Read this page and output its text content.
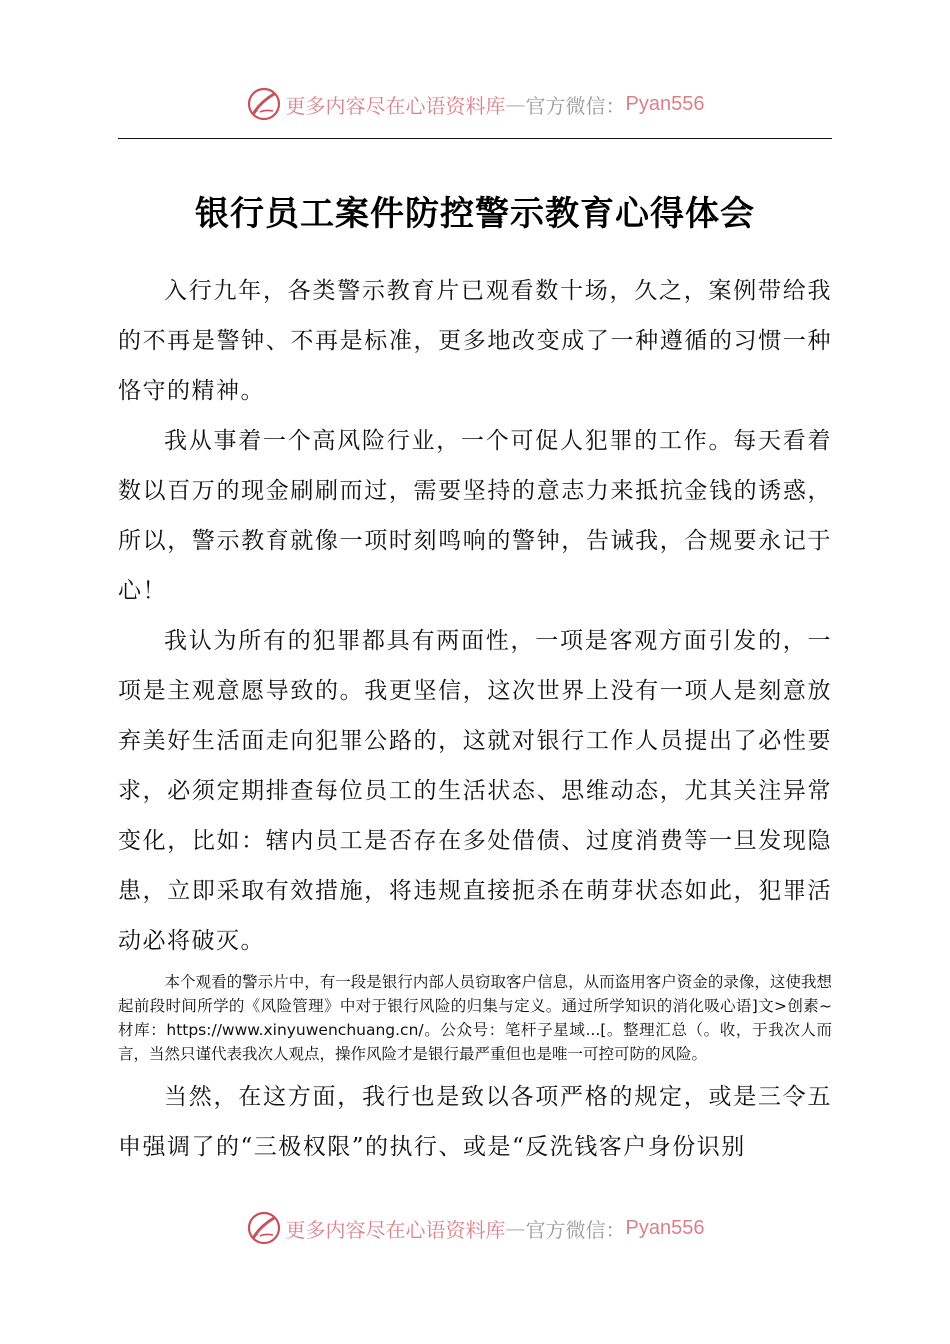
更多内容尽在心语资料库 — 官方微信： Pyan556
银行员工案件防控警示教育心得体会

入行九年，各类警示教育片已观看数十场，久之，案例带给我的不再是警钟、不再是标准，更多地改变成了一种遵循的习惯一种恪守的精神。

我从事着一个高风险行业，一个可促人犯罪的工作。每天看着数以百万的现金刷刷而过，需要坚持的意志力来抵抗金钱的诱惑，所以，警示教育就像一项时刻鸣响的警钟，告诫我，合规要永记于心！

我认为所有的犯罪都具有两面性，一项是客观方面引发的，一项是主观意愿导致的。我更坚信，这次世界上没有一项人是刻意放弃美好生活面走向犯罪公路的，这就对银行工作人员提出了必性要求，必须定期排查每位员工的生活状态、思维动态，尤其关注异常变化，比如：辖内员工是否存在多处借债、过度消费等一旦发现隐患，立即采取有效措施，将违规直接扼杀在萌芽状态如此，犯罪活动必将破灭。

本个观看的警示片中，有一段是银行内部人员窃取客户信息，从而盗用客户资金的录像，这使我想起前段时间所学的《风险管理》中对于银行风险的归集与定义。通过所学知识的消化吸心语]文>创素~材库：https://www.xinyuwenchuang.cn/。公众号：笔杆子星域...[。整理汇总（。收，于我次人而言，当然只谨代表我次人观点，操作风险才是银行最严重但也是唯一可控可防的风险。

当然，在这方面，我行也是致以各项严格的规定，或是三令五申强调了的“三极权限”的执行、或是“反洗钱客户身份识别

更多内容尽在心语资料库 — 官方微信： Pyan556
